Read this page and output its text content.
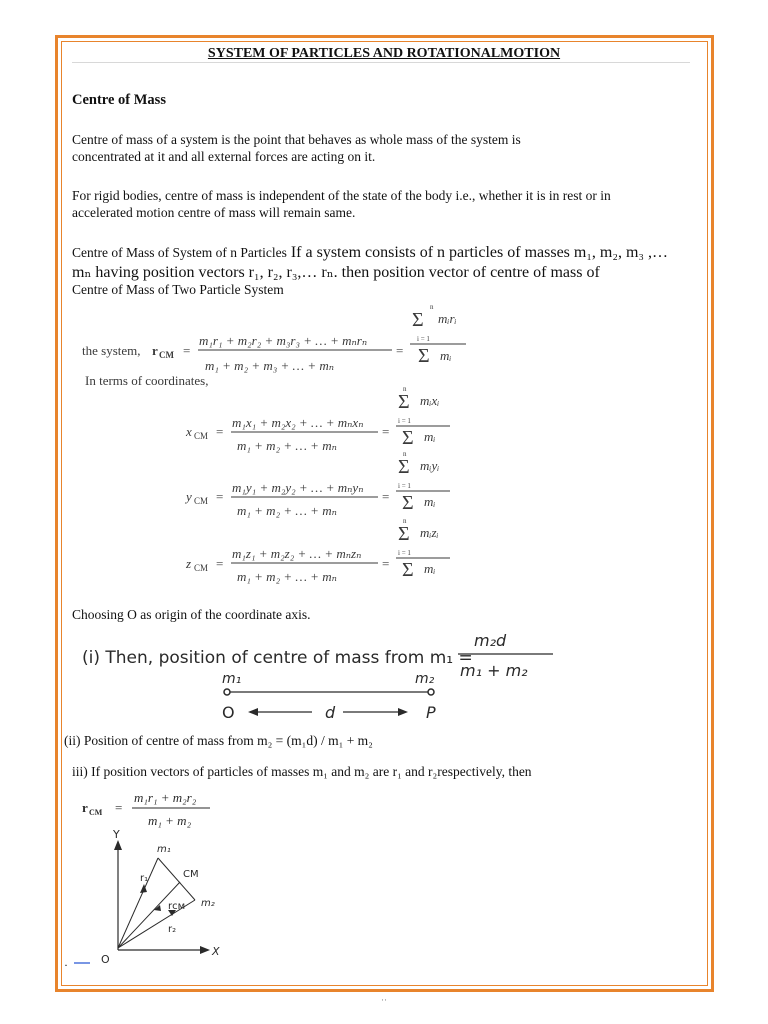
SYSTEM OF PARTICLES AND ROTATIONALMOTION
Centre of Mass
Centre of mass of a system is the point that behaves as whole mass of the system is
concentrated at it and all external forces are acting on it.
For rigid bodies, centre of mass is independent of the state of the body i.e., whether it is in rest or in
accelerated motion centre of mass will remain same.
Centre of Mass of System of n Particles If a system consists of n particles of masses m₁, m₂, m₃ ,…
mₙ having position vectors r₁, r₂, r₃,… rₙ. then position vector of centre of mass of
Centre of Mass of Two Particle System
the system, r CM =
m₁r₁ + m₂r₂ + m₃r₃ + … + mₙrₙ
m₁ + m₂ + m₃ + … + mₙ
=
n
Σ mᵢrᵢ
i = 1
Σ mᵢ
In terms of coordinates,
x CM =
m₁x₁ + m₂x₂ + … + mₙxₙ
m₁ + m₂ + … + mₙ
=
n
Σ mᵢxᵢ
i = 1
Σ mᵢ
y CM =
m₁y₁ + m₂y₂ + … + mₙyₙ
m₁ + m₂ + … + mₙ
=
n
Σ mᵢyᵢ
i = 1
Σ mᵢ
z CM =
m₁z₁ + m₂z₂ + … + mₙzₙ
m₁ + m₂ + … + mₙ
=
n
Σ mᵢzᵢ
i = 1
Σ mᵢ
Choosing O as origin of the coordinate axis.
(i) Then, position of centre of mass from m₁ =
m₂d
m₁ + m₂
m₁	m₂
O	d	P
(ii) Position of centre of mass from m₂ = (m₁d) / m₁ + m₂
iii) If position vectors of particles of masses m₁ and m₂ are r₁ and r₂respectively, then
r CM =
m₁r₁ + m₂r₂
m₁ + m₂
Y
X
O
m₁
CM
r₁
rᴄᴍ m₂
r₂
·
··
